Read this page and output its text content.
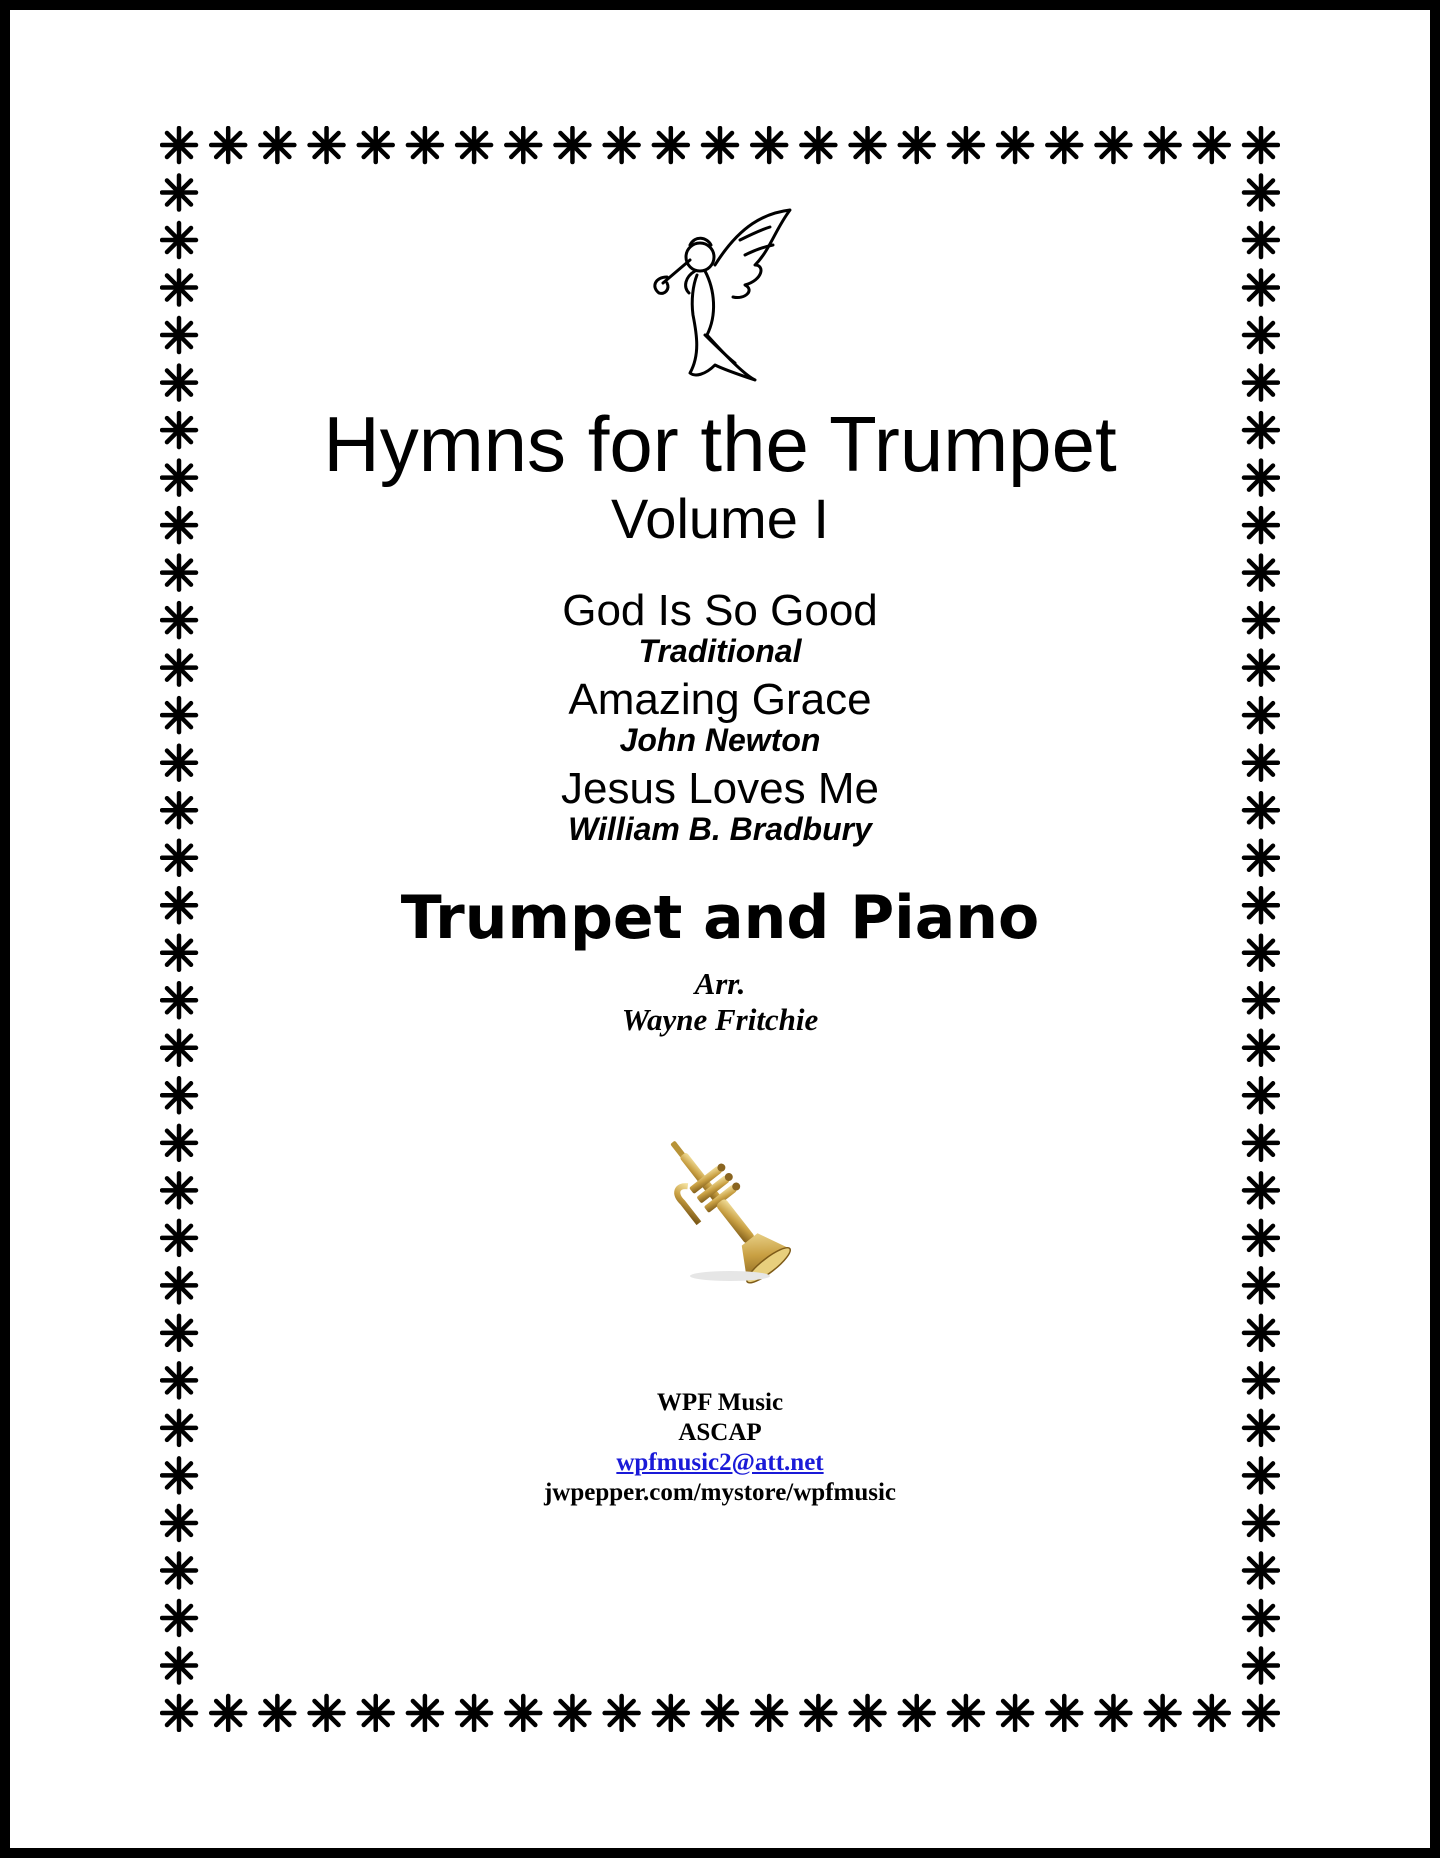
Hymns for the Trumpet
Volume I
God Is So Good
Traditional
Amazing Grace
John Newton
Jesus Loves Me
William B. Bradbury
Trumpet and Piano
Arr.
Wayne Fritchie
WPF Music
ASCAP
wpfmusic2@att.net
jwpepper.com/mystore/wpfmusic
